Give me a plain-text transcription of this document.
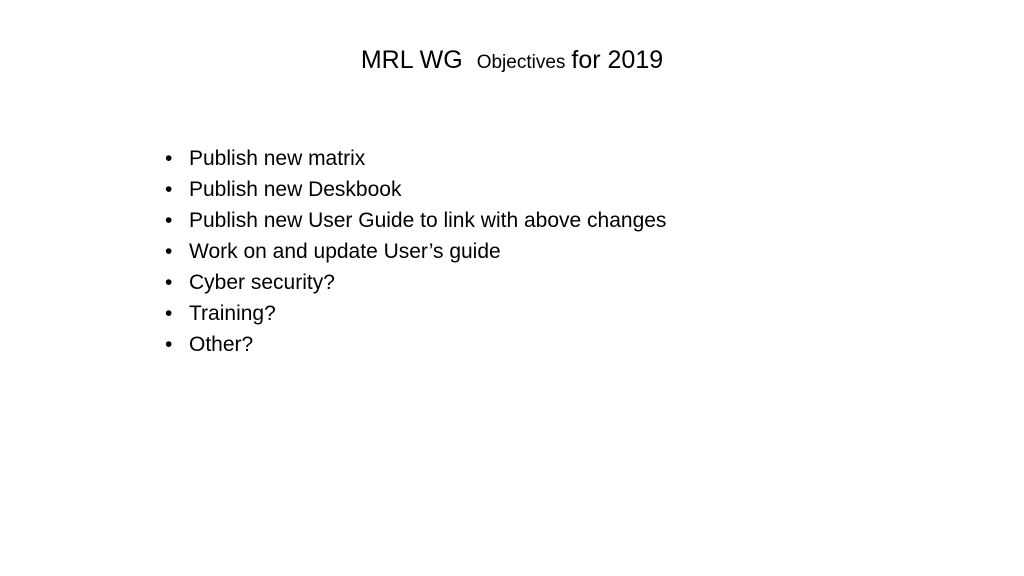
MRL WG Objectives for 2019
• Publish new matrix
• Publish new Deskbook
• Publish new User Guide to link with above changes
• Work on and update User’s guide
• Cyber security?
• Training?
• Other?
